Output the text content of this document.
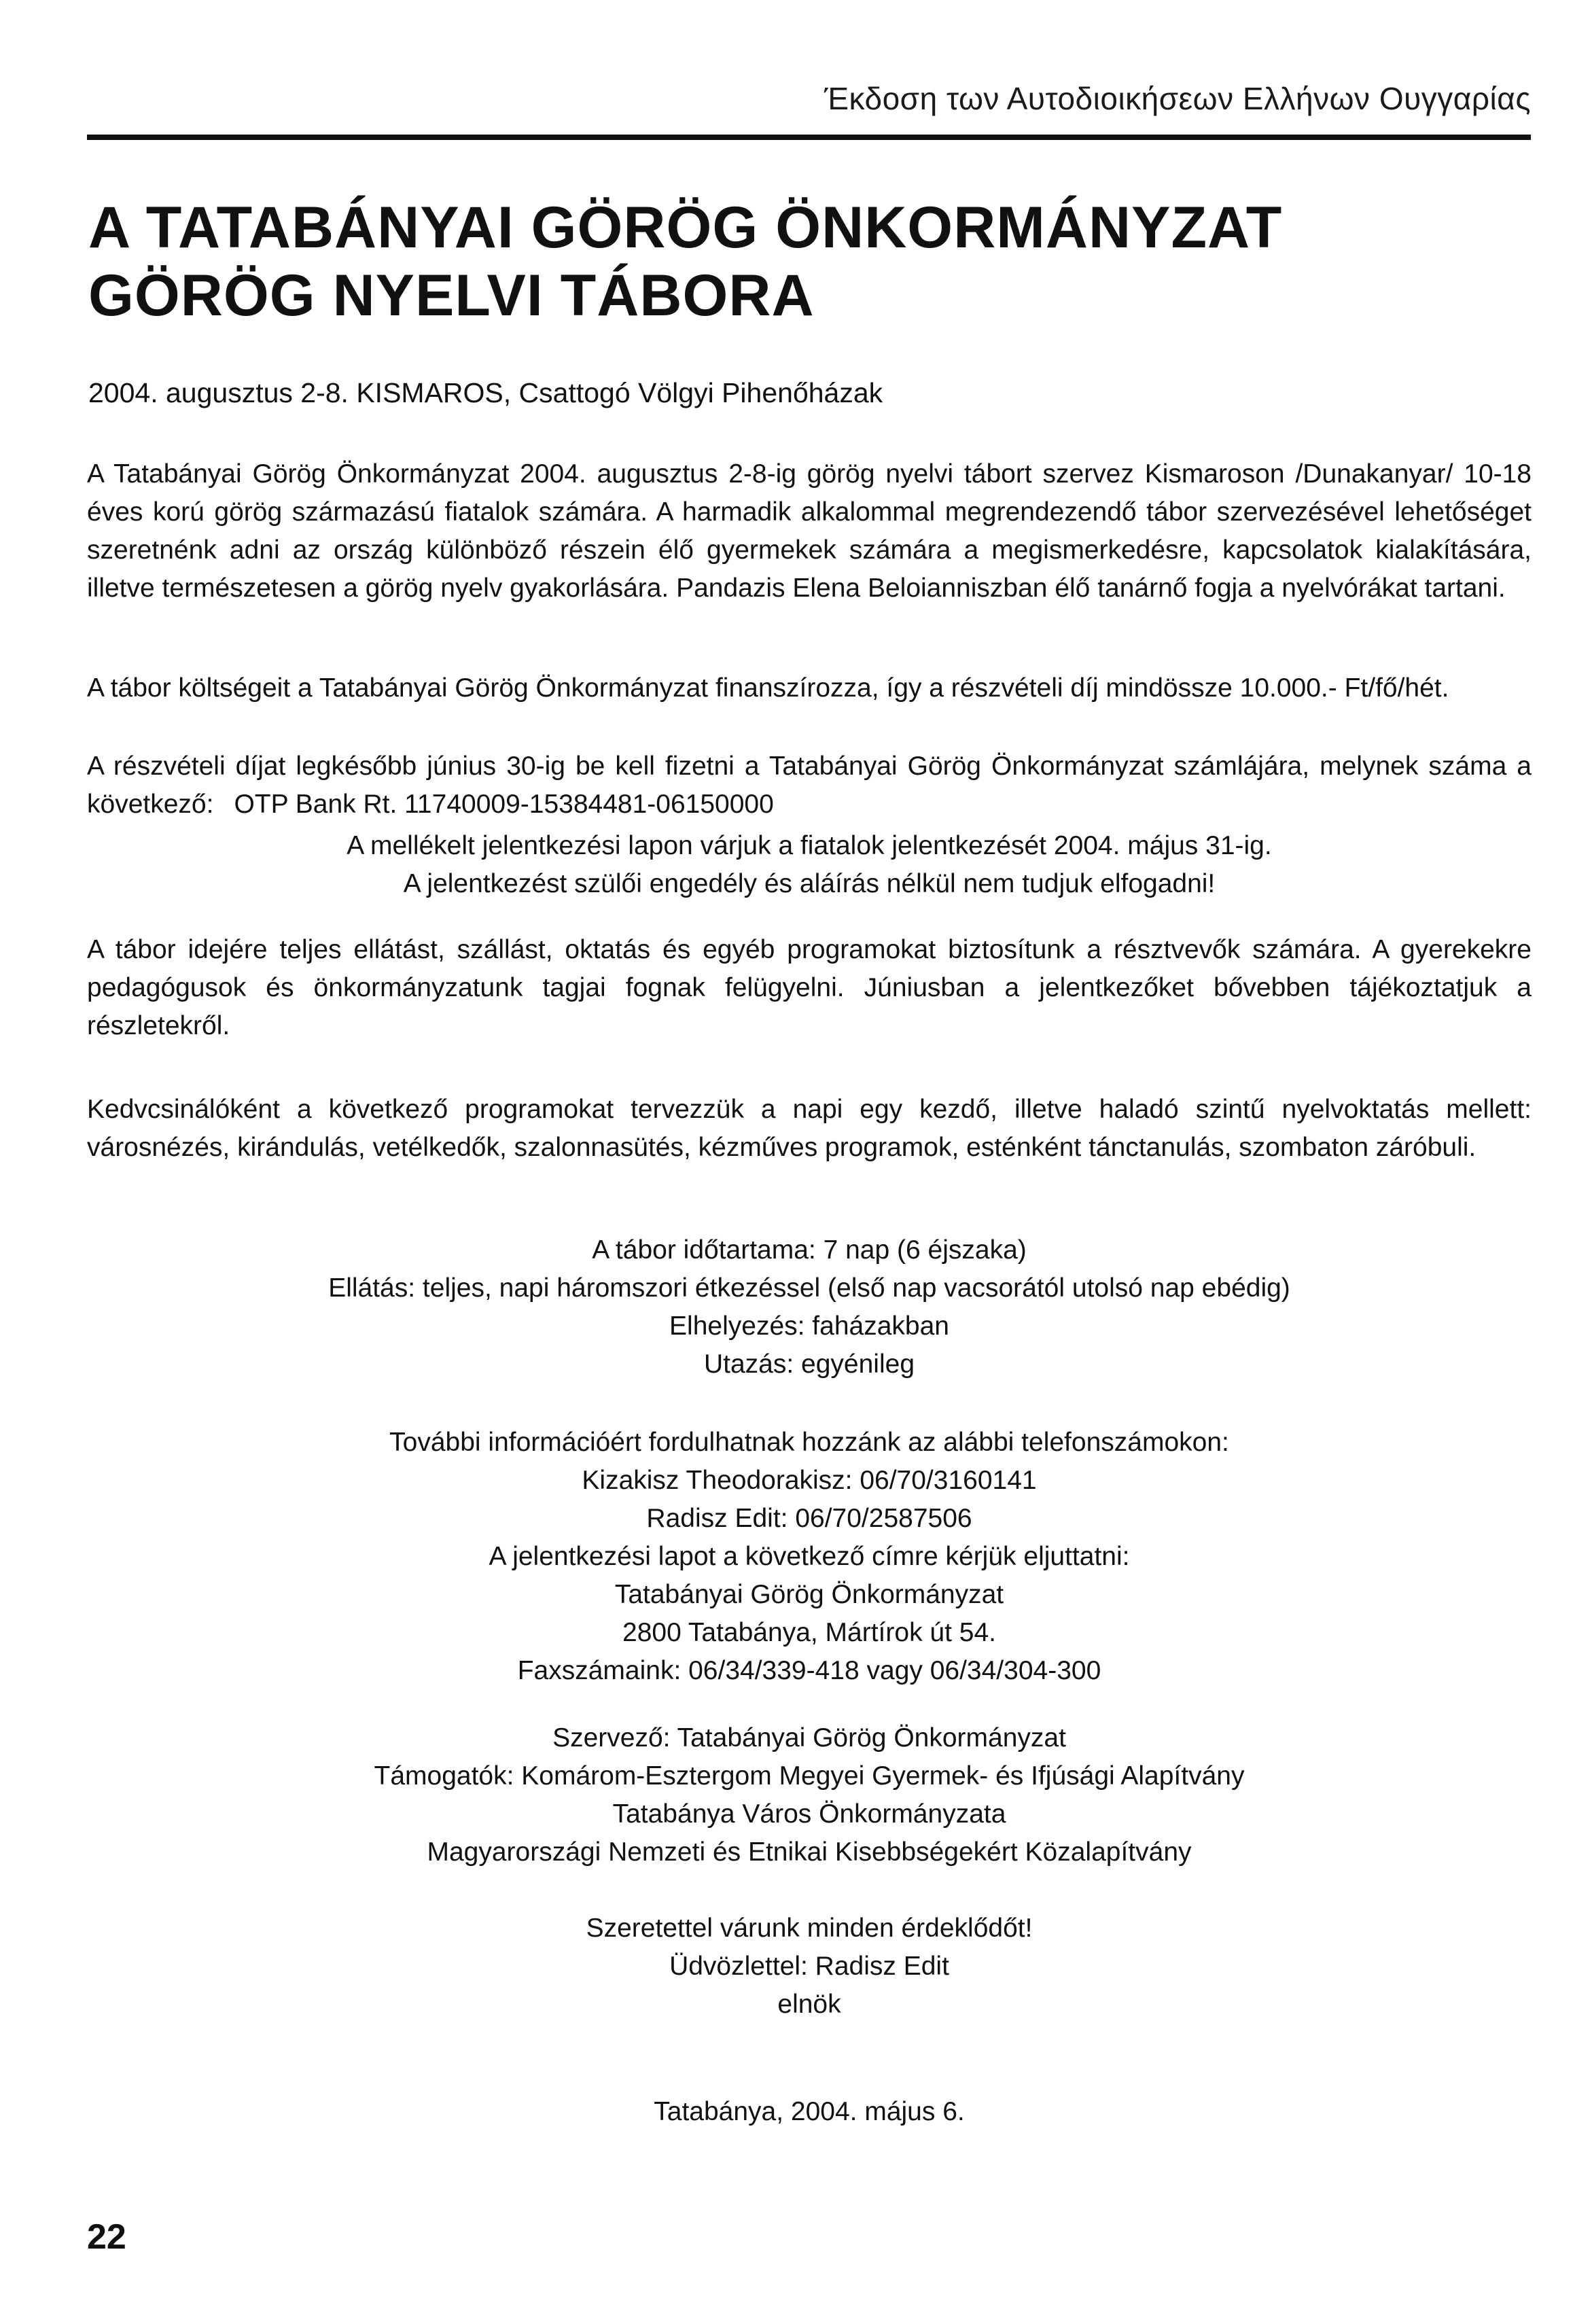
Έκδοση των Αυτοδιοικήσεων Ελλήνων Ουγγαρίας
A TATABÁNYAI GÖRÖG ÖNKORMÁNYZAT
GÖRÖG NYELVI TÁBORA
2004. augusztus 2-8. KISMAROS, Csattogó Völgyi Pihenőházak

A Tatabányai Görög Önkormányzat 2004. augusztus 2-8-ig görög nyelvi tábort szervez Kismaroson /Dunakanyar/ 10-18 éves korú görög származású fiatalok számára. A harmadik alkalommal megrendezendő tábor szervezésével lehetőséget szeretnénk adni az ország különböző részein élő gyermekek számára a megismerkedésre, kapcsolatok kialakítására, illetve természetesen a görög nyelv gyakorlására. Pandazis Elena Beloianniszban élő tanárnő fogja a nyelvórákat tartani.

A tábor költségeit a Tatabányai Görög Önkormányzat finanszírozza, így a részvételi díj mindössze 10.000.- Ft/fő/hét.

A részvételi díjat legkésőbb június 30-ig be kell fizetni a Tatabányai Görög Önkormányzat számlájára, melynek száma a következő: OTP Bank Rt. 11740009-15384481-06150000

A mellékelt jelentkezési lapon várjuk a fiatalok jelentkezését 2004. május 31-ig.
A jelentkezést szülői engedély és aláírás nélkül nem tudjuk elfogadni!

A tábor idejére teljes ellátást, szállást, oktatás és egyéb programokat biztosítunk a résztvevők számára. A gyerekekre pedagógusok és önkormányzatunk tagjai fognak felügyelni. Júniusban a jelentkezőket bővebben tájékoztatjuk a részletekről.

Kedvcsinálóként a következő programokat tervezzük a napi egy kezdő, illetve haladó szintű nyelvoktatás mellett: városnézés, kirándulás, vetélkedők, szalonnasütés, kézműves programok, esténként tánctanulás, szombaton záróbuli.

A tábor időtartama: 7 nap (6 éjszaka)
Ellátás: teljes, napi háromszori étkezéssel (első nap vacsorától utolsó nap ebédig)
Elhelyezés: faházakban
Utazás: egyénileg
További információért fordulhatnak hozzánk az alábbi telefonszámokon:
Kizakisz Theodorakisz: 06/70/3160141
Radisz Edit: 06/70/2587506
A jelentkezési lapot a következő címre kérjük eljuttatni:
Tatabányai Görög Önkormányzat
2800 Tatabánya, Mártírok út 54.
Faxszámaink: 06/34/339-418 vagy 06/34/304-300
Szervező: Tatabányai Görög Önkormányzat
Támogatók: Komárom-Esztergom Megyei Gyermek- és Ifjúsági Alapítvány
Tatabánya Város Önkormányzata
Magyarországi Nemzeti és Etnikai Kisebbségekért Közalapítvány
Szeretettel várunk minden érdeklődőt!
Üdvözlettel: Radisz Edit
elnök
Tatabánya, 2004. május 6.
22
